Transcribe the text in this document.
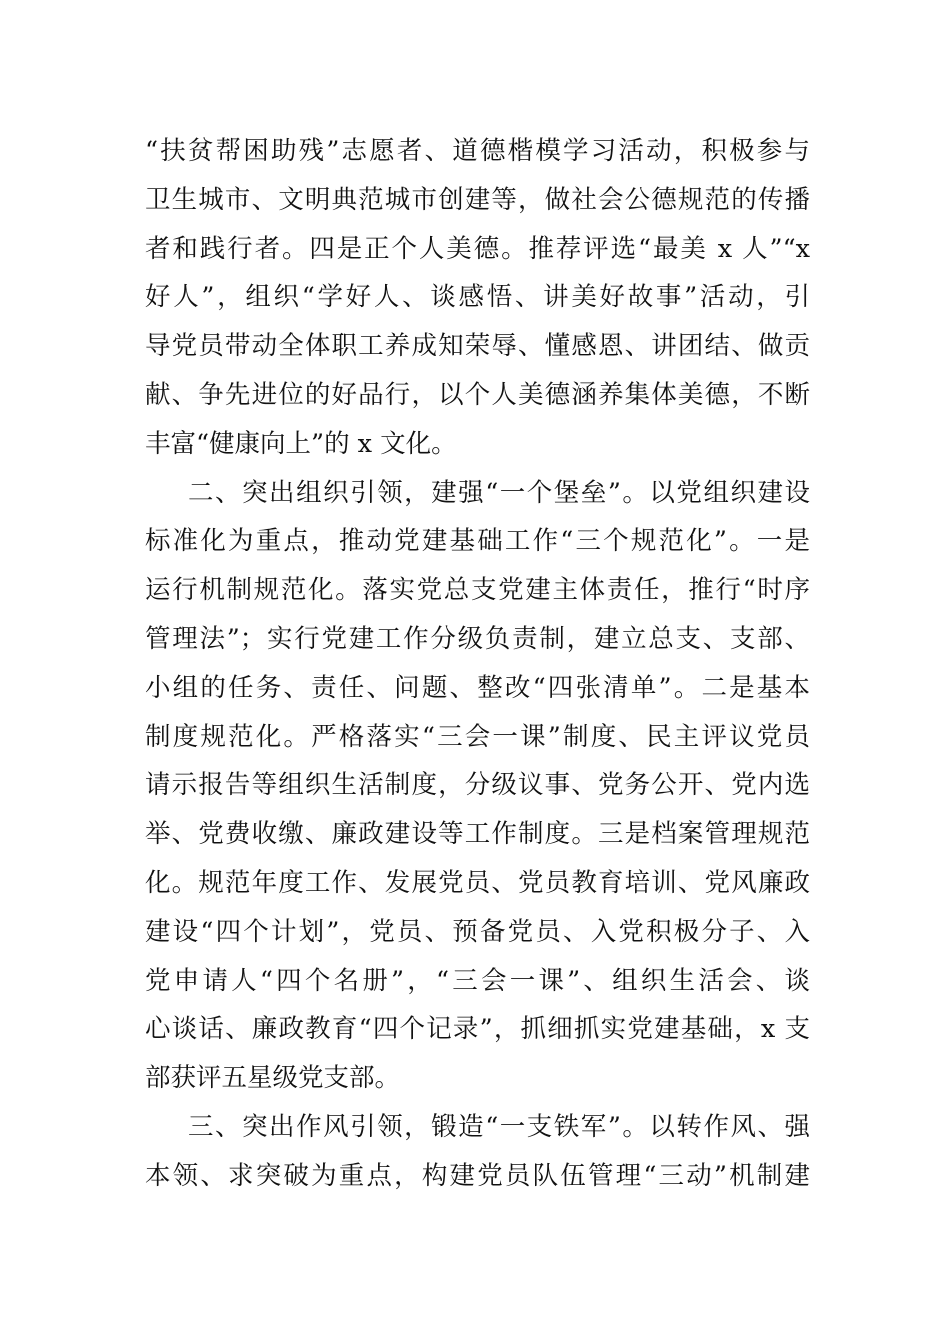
“扶贫帮困助残”志愿者、道德楷模学习活动，积极参与
卫生城市、文明典范城市创建等，做社会公德规范的传播
者和践行者。四是正个人美德。推荐评选“最美 x 人”“x
好人”，组织“学好人、谈感悟、讲美好故事”活动，引
导党员带动全体职工养成知荣辱、懂感恩、讲团结、做贡
献、争先进位的好品行，以个人美德涵养集体美德，不断
丰富“健康向上”的 x 文化。
二、突出组织引领，建强“一个堡垒”。以党组织建设
标准化为重点，推动党建基础工作“三个规范化”。一是
运行机制规范化。落实党总支党建主体责任，推行“时序
管理法”；实行党建工作分级负责制，建立总支、支部、
小组的任务、责任、问题、整改“四张清单”。二是基本
制度规范化。严格落实“三会一课”制度、民主评议党员
请示报告等组织生活制度，分级议事、党务公开、党内选
举、党费收缴、廉政建设等工作制度。三是档案管理规范
化。规范年度工作、发展党员、党员教育培训、党风廉政
建设“四个计划”，党员、预备党员、入党积极分子、入
党申请人“四个名册”，“三会一课”、组织生活会、谈
心谈话、廉政教育“四个记录”，抓细抓实党建基础，x 支
部获评五星级党支部。
三、突出作风引领，锻造“一支铁军”。以转作风、强
本领、求突破为重点，构建党员队伍管理“三动”机制建
